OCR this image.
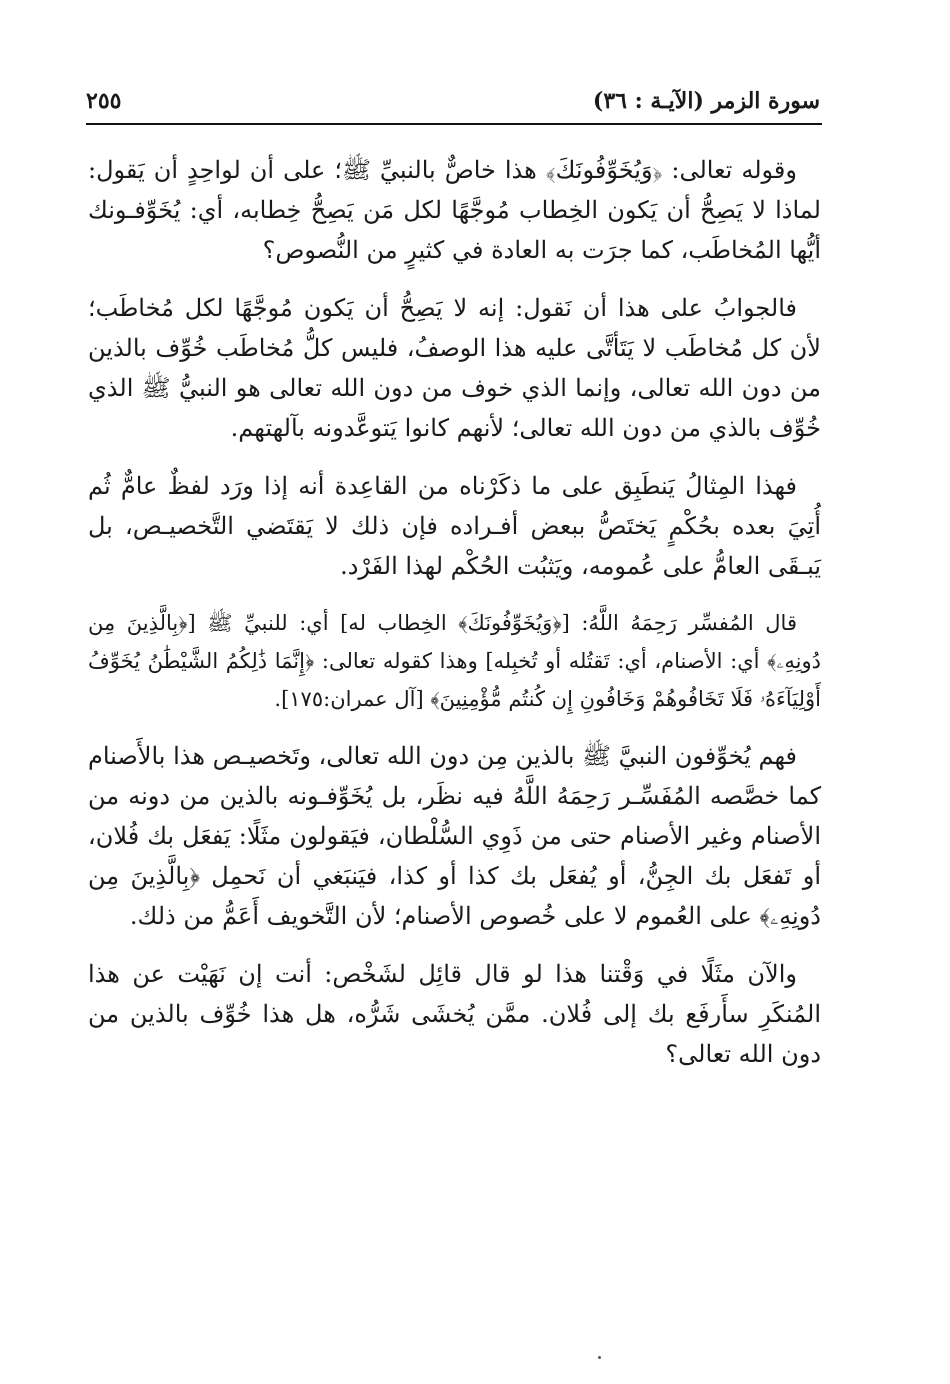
سورة الزمر (الآيـة : ٣٦)
٢٥٥

وقوله تعالى: ﴿وَيُخَوِّفُونَكَ﴾ هذا خاصٌّ بالنبيِّ ﷺ؛ على أن لواحِدٍ أن يَقول: لماذا لا يَصِحُّ أن يَكون الخِطاب مُوجَّهًا لكل مَن يَصِحُّ خِطابه، أي: يُخَوِّفـونك أيُّها المُخاطَب، كما جرَت به العادة في كثيرٍ من النُّصوص؟

فالجوابُ على هذا أن نَقول: إنه لا يَصِحُّ أن يَكون مُوجَّهًا لكل مُخاطَب؛ لأن كل مُخاطَب لا يَتَأتَّى عليه هذا الوصفُ، فليس كلُّ مُخاطَب خُوِّف بالذين من دون الله تعالى، وإنما الذي خوف من دون الله تعالى هو النبيُّ ﷺ الذي خُوِّف بالذي من دون الله تعالى؛ لأنهم كانوا يَتوعَّدونه بآلهتهم.

فهذا المِثالُ يَنطَبِق على ما ذكَرْناه من القاعِدة أنه إذا ورَد لفظٌ عامٌّ ثُم أُتِيَ بعده بحُكْمٍ يَختَصُّ ببعض أفـراده فإن ذلك لا يَقتَضي التَّخصيـص، بل يَبـقَى العامُّ على عُمومه، ويَثبُت الحُكْم لهذا الفَرْد.

قال المُفسِّر رَحِمَهُ اللَّهُ: [﴿وَيُخَوِّفُونَكَ﴾ الخِطاب له] أي: للنبيِّ ﷺ [﴿بِالَّذِينَ مِن دُونِهِۦ﴾ أي: الأصنام، أي: تَقتُله أو تُخبِله] وهذا كقوله تعالى: ﴿إِنَّمَا ذَٰلِكُمُ الشَّيْطَٰنُ يُخَوِّفُ أَوْلِيَآءَهُۥ فَلَا تَخَافُوهُمْ وَخَافُونِ إِن كُنتُم مُّؤْمِنِينَ﴾ [آل عمران:١٧٥].

فهم يُخوِّفون النبيَّ ﷺ بالذين مِن دون الله تعالى، وتَخصيـص هذا بالأَصنام كما خصَّصه المُفَسِّـر رَحِمَهُ اللَّهُ فيه نظَر، بل يُخَوِّفـونه بالذين من دونه من الأصنام وغير الأصنام حتى من ذَوِي السُّلْطان، فيَقولون مثَلًا: يَفعَل بك فُلان، أو تَفعَل بك الجِنُّ، أو يُفعَل بك كذا أو كذا، فيَنبَغي أن نَحمِل ﴿بِالَّذِينَ مِن دُونِهِۦ﴾ على العُموم لا على خُصوص الأصنام؛ لأن التَّخويف أَعَمُّ من ذلك.

والآن مثَلًا في وَقْتنا هذا لو قال قائِل لشَخْص: أنت إن نَهَيْت عن هذا المُنكَرِ سأَرفَع بك إلى فُلان. ممَّن يُخشَى شَرُّه، هل هذا خُوِّف بالذين من دون الله تعالى؟
